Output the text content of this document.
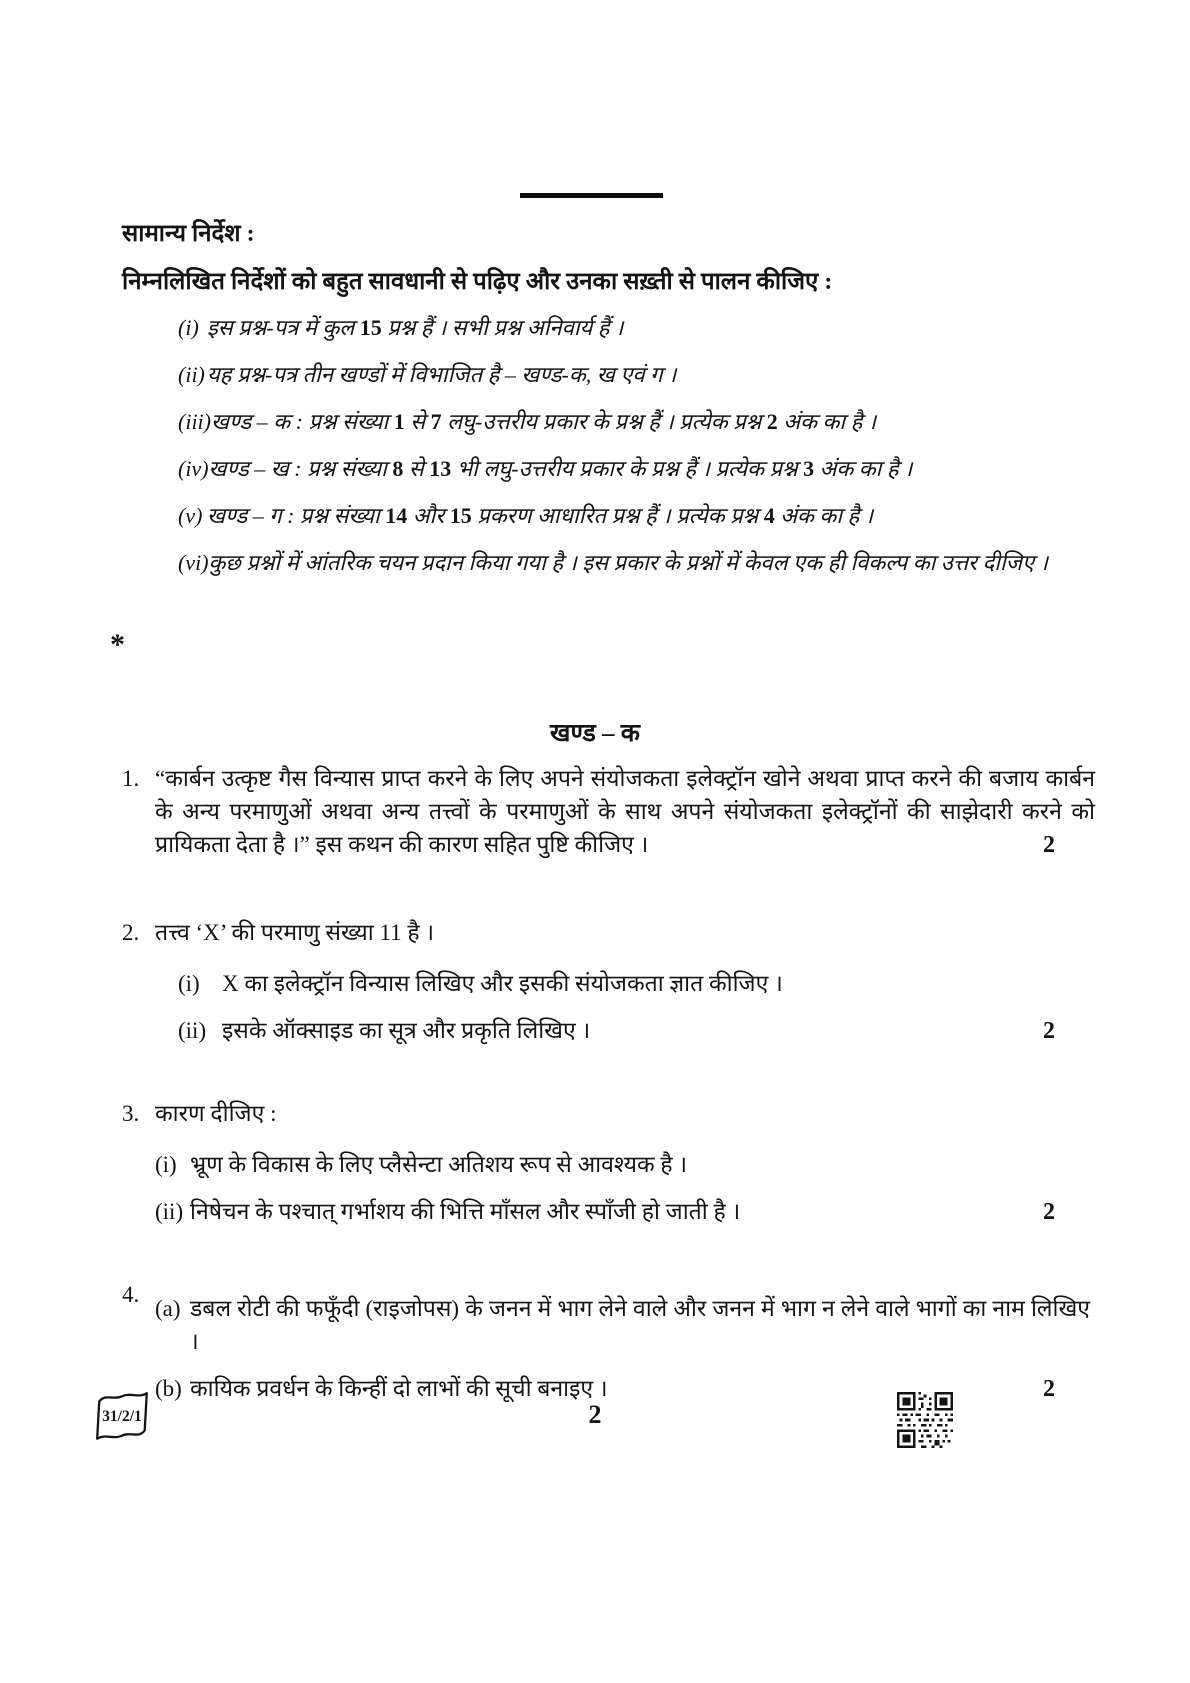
सामान्य निर्देश :
निम्नलिखित निर्देशों को बहुत सावधानी से पढ़िए और उनका सख़्ती से पालन कीजिए :
(i) इस प्रश्न-पत्र में कुल 15 प्रश्न हैं । सभी प्रश्न अनिवार्य हैं ।
(ii) यह प्रश्न-पत्र तीन खण्डों में विभाजित है – खण्ड-क, ख एवं ग ।
(iii) खण्ड – क : प्रश्न संख्या 1 से 7 लघु-उत्तरीय प्रकार के प्रश्न हैं । प्रत्येक प्रश्न 2 अंक का है ।
(iv) खण्ड – ख : प्रश्न संख्या 8 से 13 भी लघु-उत्तरीय प्रकार के प्रश्न हैं । प्रत्येक प्रश्न 3 अंक का है ।
(v) खण्ड – ग : प्रश्न संख्या 14 और 15 प्रकरण आधारित प्रश्न हैं । प्रत्येक प्रश्न 4 अंक का है ।
(vi) कुछ प्रश्नों में आंतरिक चयन प्रदान किया गया है । इस प्रकार के प्रश्नों में केवल एक ही विकल्प का उत्तर दीजिए ।
*
खण्ड – क
1. “कार्बन उत्कृष्ट गैस विन्यास प्राप्त करने के लिए अपने संयोजकता इलेक्ट्रॉन खोने अथवा प्राप्त करने की बजाय कार्बन के अन्य परमाणुओं अथवा अन्य तत्त्वों के परमाणुओं के साथ अपने संयोजकता इलेक्ट्रॉनों की साझेदारी करने को प्रायिकता देता है ।” इस कथन की कारण सहित पुष्टि कीजिए ।	2
2. तत्त्व ‘X’ की परमाणु संख्या 11 है ।
(i) X का इलेक्ट्रॉन विन्यास लिखिए और इसकी संयोजकता ज्ञात कीजिए ।
(ii) इसके ऑक्साइड का सूत्र और प्रकृति लिखिए ।	2
3. कारण दीजिए :
(i) भ्रूण के विकास के लिए प्लैसेन्टा अतिशय रूप से आवश्यक है ।
(ii) निषेचन के पश्चात् गर्भाशय की भित्ति माँसल और स्पाँजी हो जाती है ।	2
4.
(a) डबल रोटी की फफूँदी (राइजोपस) के जनन में भाग लेने वाले और जनन में भाग न लेने वाले भागों का नाम लिखिए ।
(b) कायिक प्रवर्धन के किन्हीं दो लाभों की सूची बनाइए ।	2
31/2/1	2
